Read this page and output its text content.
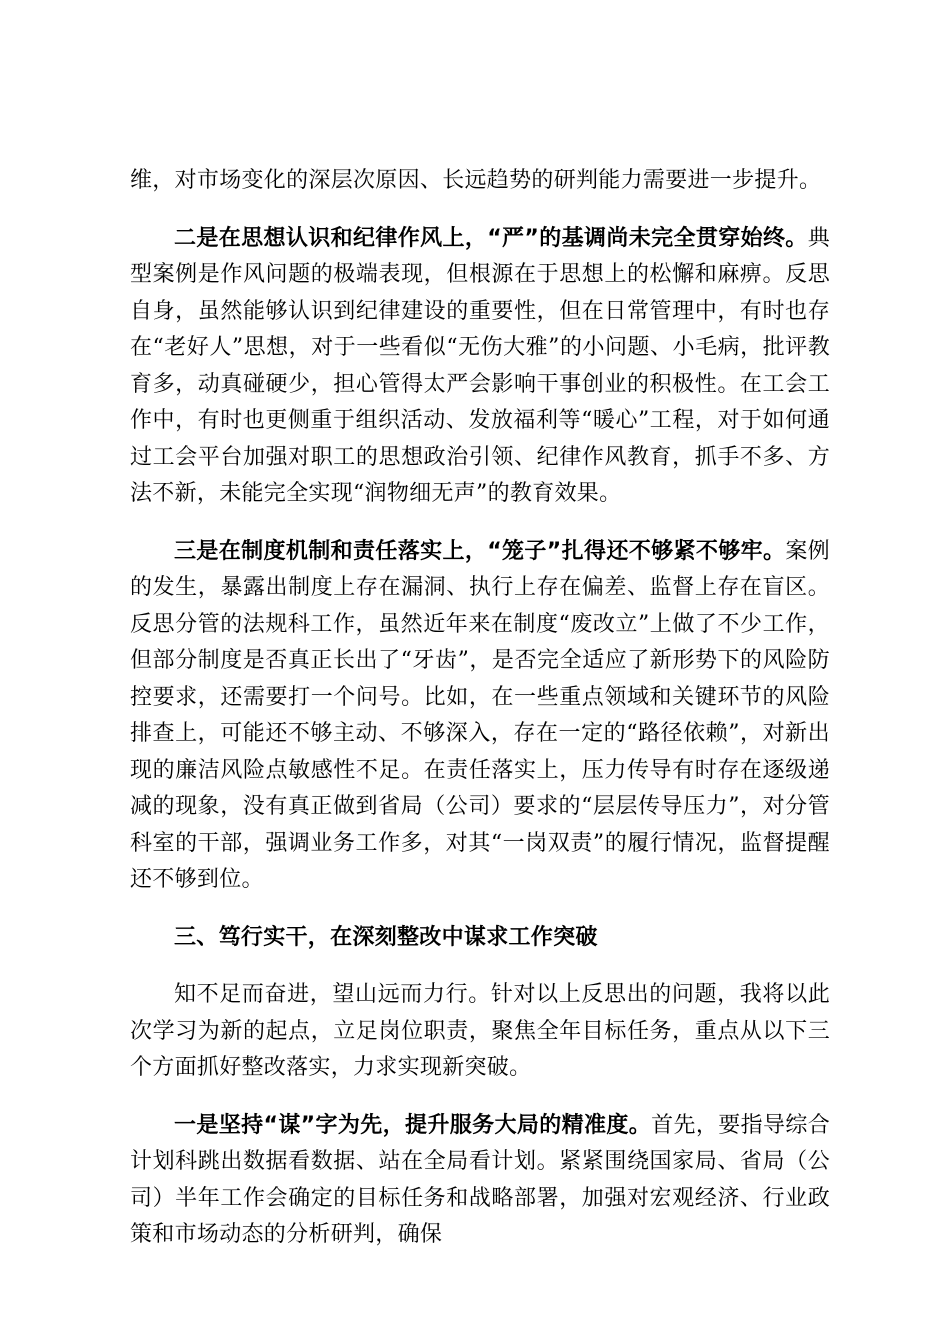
维，对市场变化的深层次原因、长远趋势的研判能力需要进一步提升。

二是在思想认识和纪律作风上，“严”的基调尚未完全贯穿始终。典型案例是作风问题的极端表现，但根源在于思想上的松懈和麻痹。反思自身，虽然能够认识到纪律建设的重要性，但在日常管理中，有时也存在“老好人”思想，对于一些看似“无伤大雅”的小问题、小毛病，批评教育多，动真碰硬少，担心管得太严会影响干事创业的积极性。在工会工作中，有时也更侧重于组织活动、发放福利等“暖心”工程，对于如何通过工会平台加强对职工的思想政治引领、纪律作风教育，抓手不多、方法不新，未能完全实现“润物细无声”的教育效果。

三是在制度机制和责任落实上，“笼子”扎得还不够紧不够牢。案例的发生，暴露出制度上存在漏洞、执行上存在偏差、监督上存在盲区。反思分管的法规科工作，虽然近年来在制度“废改立”上做了不少工作，但部分制度是否真正长出了“牙齿”，是否完全适应了新形势下的风险防控要求，还需要打一个问号。比如，在一些重点领域和关键环节的风险排查上，可能还不够主动、不够深入，存在一定的“路径依赖”，对新出现的廉洁风险点敏感性不足。在责任落实上，压力传导有时存在逐级递减的现象，没有真正做到省局（公司）要求的“层层传导压力”，对分管科室的干部，强调业务工作多，对其“一岗双责”的履行情况，监督提醒还不够到位。

三、笃行实干，在深刻整改中谋求工作突破

知不足而奋进，望山远而力行。针对以上反思出的问题，我将以此次学习为新的起点，立足岗位职责，聚焦全年目标任务，重点从以下三个方面抓好整改落实，力求实现新突破。

一是坚持“谋”字为先，提升服务大局的精准度。首先，要指导综合计划科跳出数据看数据、站在全局看计划。紧紧围绕国家局、省局（公司）半年工作会确定的目标任务和战略部署，加强对宏观经济、行业政策和市场动态的分析研判，确保
